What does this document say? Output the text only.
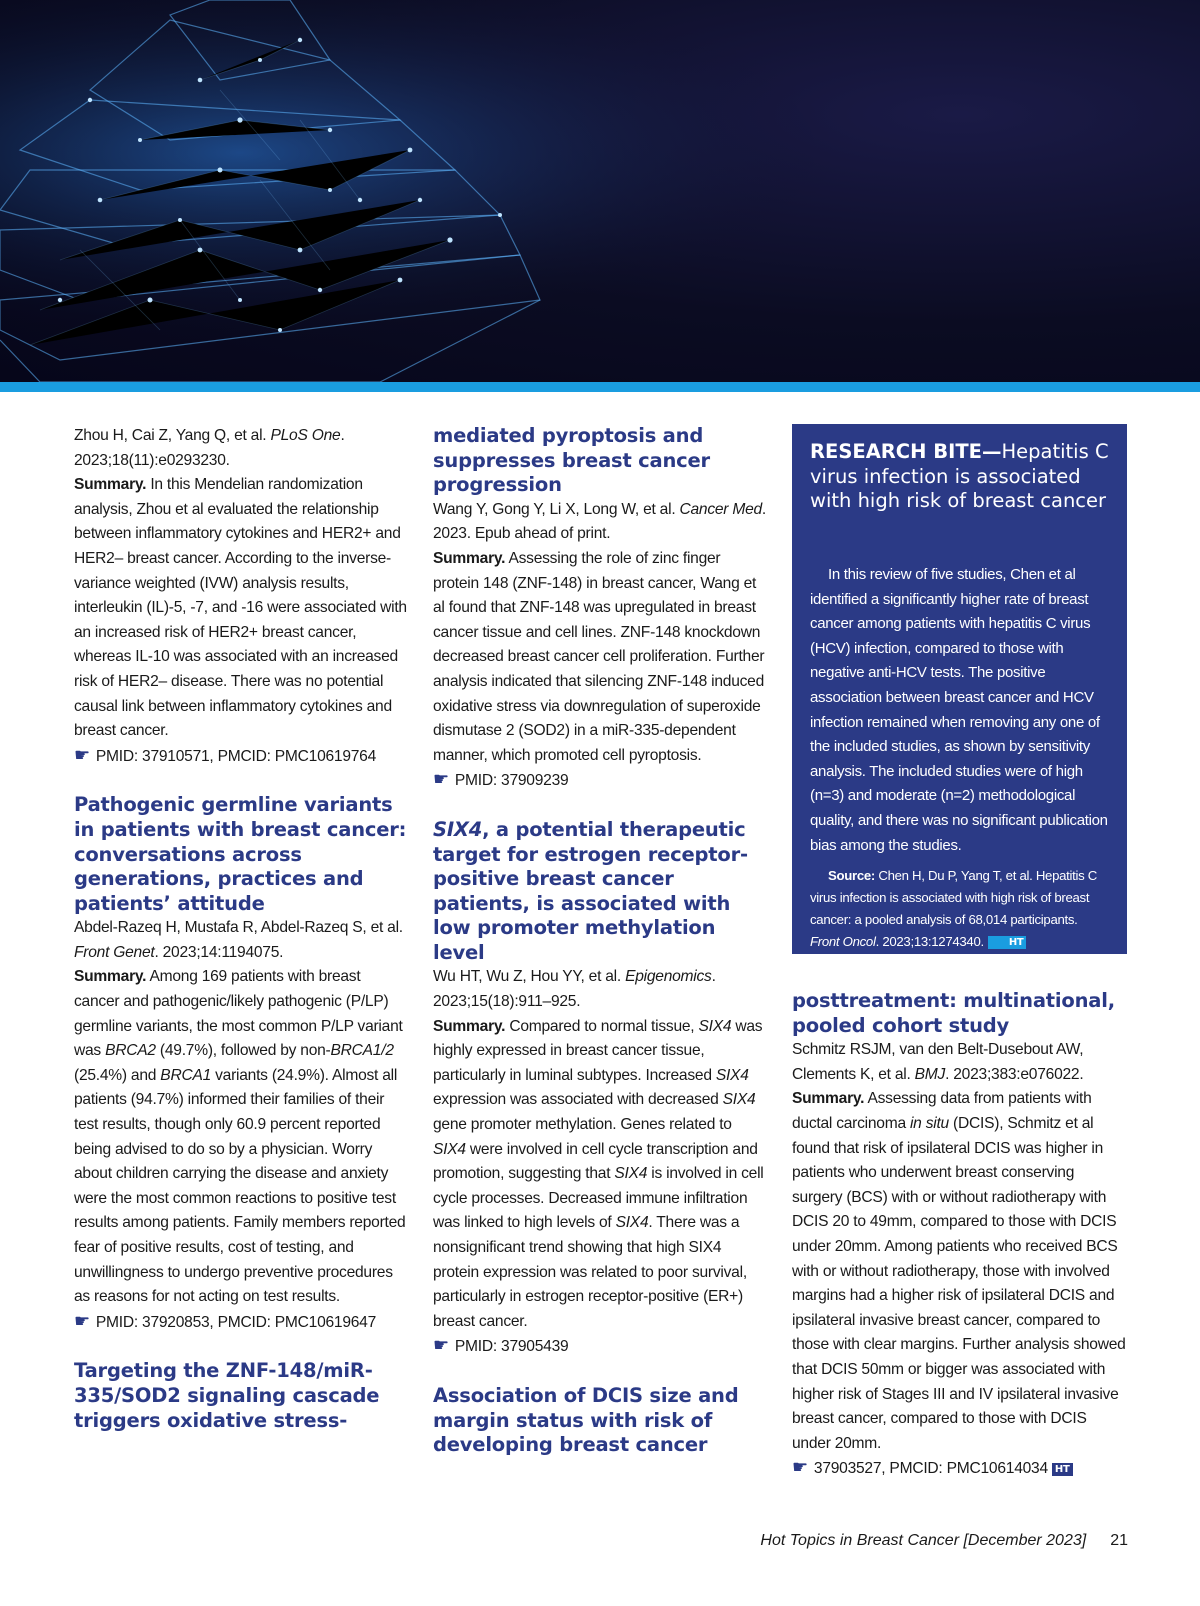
Zhou H, Cai Z, Yang Q, et al. PLoS One. 2023;18(11):e0293230.

Summary. In this Mendelian randomization analysis, Zhou et al evaluated the relationship between inflammatory cytokines and HER2+ and HER2– breast cancer. According to the inverse-variance weighted (IVW) analysis results, interleukin (IL)-5, -7, and -16 were associated with an increased risk of HER2+ breast cancer, whereas IL-10 was associated with an increased risk of HER2– disease. There was no potential causal link between inflammatory cytokines and breast cancer.

☛ PMID: 37910571, PMCID: PMC10619764

Pathogenic germline variants in patients with breast cancer: conversations across generations, practices and patients’ attitude

Abdel-Razeq H, Mustafa R, Abdel-Razeq S, et al. Front Genet. 2023;14:1194075.

Summary. Among 169 patients with breast cancer and pathogenic/likely pathogenic (P/LP) germline variants, the most common P/LP variant was BRCA2 (49.7%), followed by non-BRCA1/2 (25.4%) and BRCA1 variants (24.9%). Almost all patients (94.7%) informed their families of their test results, though only 60.9 percent reported being advised to do so by a physician. Worry about children carrying the disease and anxiety were the most common reactions to positive test results among patients. Family members reported fear of positive results, cost of testing, and unwillingness to undergo preventive procedures as reasons for not acting on test results.

☛ PMID: 37920853, PMCID: PMC10619647

Targeting the ZNF-148/miR-335/SOD2 signaling cascade triggers oxidative stress-

mediated pyroptosis and suppresses breast cancer progression

Wang Y, Gong Y, Li X, Long W, et al. Cancer Med. 2023. Epub ahead of print.

Summary. Assessing the role of zinc finger protein 148 (ZNF-148) in breast cancer, Wang et al found that ZNF-148 was upregulated in breast cancer tissue and cell lines. ZNF-148 knockdown decreased breast cancer cell proliferation. Further analysis indicated that silencing ZNF-148 induced oxidative stress via downregulation of superoxide dismutase 2 (SOD2) in a miR-335-dependent manner, which promoted cell pyroptosis.

☛ PMID: 37909239

SIX4, a potential therapeutic target for estrogen receptor-positive breast cancer patients, is associated with low promoter methylation level

Wu HT, Wu Z, Hou YY, et al. Epigenomics. 2023;15(18):911–925.

Summary. Compared to normal tissue, SIX4 was highly expressed in breast cancer tissue, particularly in luminal subtypes. Increased SIX4 expression was associated with decreased SIX4 gene promoter methylation. Genes related to SIX4 were involved in cell cycle transcription and promotion, suggesting that SIX4 is involved in cell cycle processes. Decreased immune infiltration was linked to high levels of SIX4. There was a nonsignificant trend showing that high SIX4 protein expression was related to poor survival, particularly in estrogen receptor-positive (ER+) breast cancer.

☛ PMID: 37905439

Association of DCIS size and margin status with risk of developing breast cancer

RESEARCH BITE—Hepatitis C virus infection is associated with high risk of breast cancer

In this review of five studies, Chen et al identified a significantly higher rate of breast cancer among patients with hepatitis C virus (HCV) infection, compared to those with negative anti-HCV tests. The positive association between breast cancer and HCV infection remained when removing any one of the included studies, as shown by sensitivity analysis. The included studies were of high (n=3) and moderate (n=2) methodological quality, and there was no significant publication bias among the studies.

Source: Chen H, Du P, Yang T, et al. Hepatitis C virus infection is associated with high risk of breast cancer: a pooled analysis of 68,014 participants. Front Oncol. 2023;13:1274340.	HT

posttreatment: multinational, pooled cohort study

Schmitz RSJM, van den Belt-Dusebout AW, Clements K, et al. BMJ. 2023;383:e076022.

Summary. Assessing data from patients with ductal carcinoma in situ (DCIS), Schmitz et al found that risk of ipsilateral DCIS was higher in patients who underwent breast conserving surgery (BCS) with or without radiotherapy with DCIS 20 to 49mm, compared to those with DCIS under 20mm. Among patients who received BCS with or without radiotherapy, those with involved margins had a higher risk of ipsilateral DCIS and ipsilateral invasive breast cancer, compared to those with clear margins. Further analysis showed that DCIS 50mm or bigger was associated with higher risk of Stages III and IV ipsilateral invasive breast cancer, compared to those with DCIS under 20mm.

☛ 37903527, PMCID: PMC10614034 HT

Hot Topics in Breast Cancer [December 2023] 21
